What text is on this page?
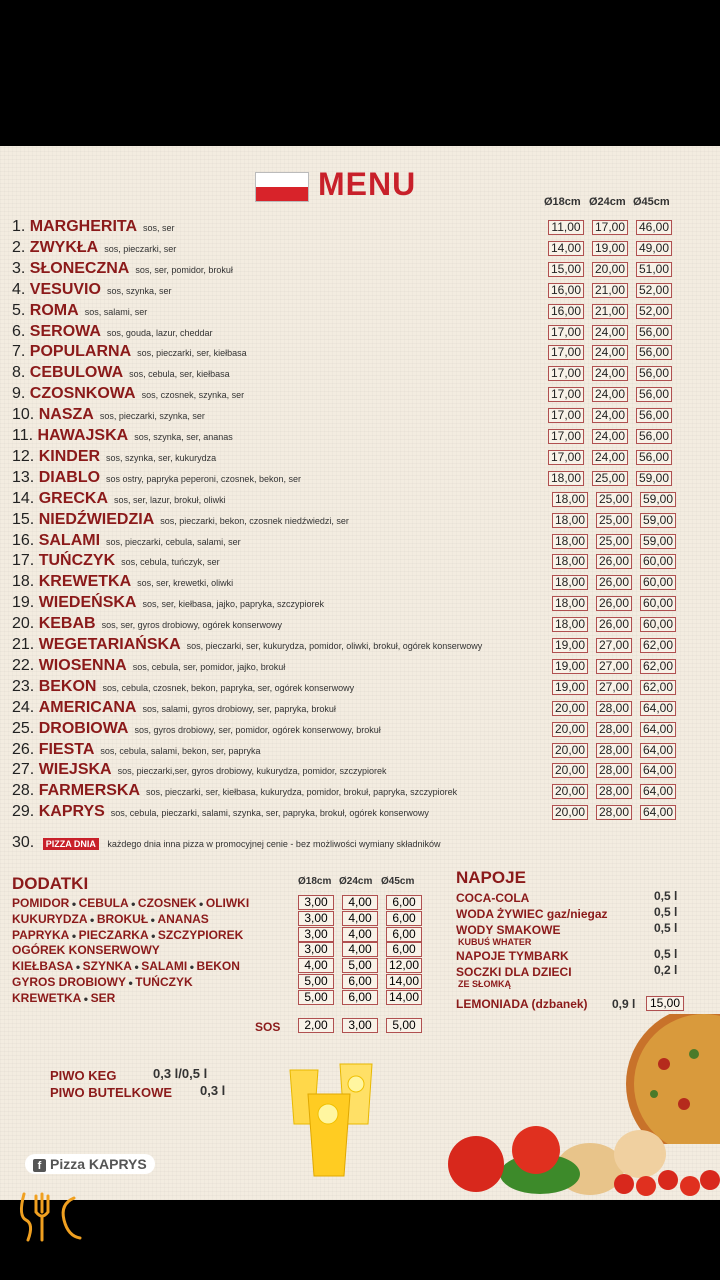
MENU	Ø18cm Ø24cm Ø45cm
1. MARGHERITA sos, ser	11,00 17,00 46,00
2. ZWYKŁA sos, pieczarki, ser	14,00 19,00 49,00
3. SŁONECZNA sos, ser, pomidor, brokuł	15,00 20,00 51,00
4. VESUVIO sos, szynka, ser	16,00 21,00 52,00
5. ROMA sos, salami, ser	16,00 21,00 52,00
6. SEROWA sos, gouda, lazur, cheddar	17,00 24,00 56,00
7. POPULARNA sos, pieczarki, ser, kiełbasa	17,00 24,00 56,00
8. CEBULOWA sos, cebula, ser, kiełbasa	17,00 24,00 56,00
9. CZOSNKOWA sos, czosnek, szynka, ser	17,00 24,00 56,00
10. NASZA sos, pieczarki, szynka, ser	17,00 24,00 56,00
11. HAWAJSKA sos, szynka, ser, ananas	17,00 24,00 56,00
12. KINDER sos, szynka, ser, kukurydza	17,00 24,00 56,00
13. DIABLO sos ostry, papryka peperoni, czosnek, bekon, ser	18,00 25,00 59,00
14. GRECKA sos, ser, lazur, brokuł, oliwki	18,00 25,00 59,00
15. NIEDŹWIEDZIA sos, pieczarki, bekon, czosnek niedźwiedzi, ser	18,00 25,00 59,00
16. SALAMI sos, pieczarki, cebula, salami, ser	18,00 25,00 59,00
17. TUŃCZYK sos, cebula, tuńczyk, ser	18,00 26,00 60,00
18. KREWETKA sos, ser, krewetki, oliwki	18,00 26,00 60,00
19. WIEDEŃSKA sos, ser, kiełbasa, jajko, papryka, szczypiorek	18,00 26,00 60,00
20. KEBAB sos, ser, gyros drobiowy, ogórek konserwowy	18,00 26,00 60,00
21. WEGETARIAŃSKA sos, pieczarki, ser, kukurydza, pomidor, oliwki, brokuł, ogórek konserwowy	19,00 27,00 62,00
22. WIOSENNA sos, cebula, ser, pomidor, jajko, brokuł	19,00 27,00 62,00
23. BEKON sos, cebula, czosnek, bekon, papryka, ser, ogórek konserwowy	19,00 27,00 62,00
24. AMERICANA sos, salami, gyros drobiowy, ser, papryka, brokuł	20,00 28,00 64,00
25. DROBIOWA sos, gyros drobiowy, ser, pomidor, ogórek konserwowy, brokuł	20,00 28,00 64,00
26. FIESTA sos, cebula, salami, bekon, ser, papryka	20,00 28,00 64,00
27. WIEJSKA sos, pieczarki,ser, gyros drobiowy, kukurydza, pomidor, szczypiorek	20,00 28,00 64,00
28. FARMERSKA sos, pieczarki, ser, kiełbasa, kukurydza, pomidor, brokuł, papryka, szczypiorek	20,00 28,00 64,00
29. KAPRYS sos, cebula, pieczarki, salami, szynka, ser, papryka, brokuł, ogórek konserwowy	20,00 28,00 64,00
30. PIZZA DNIA każdego dnia inna pizza w promocyjnej cenie - bez możliwości wymiany składników
DODATKI	Ø18cm Ø24cm Ø45cm
POMIDOR ● CEBULA ● CZOSNEK ● OLIWKI	3,00	4,00	6,00
KUKURYDZA ● BROKUŁ ● ANANAS	3,00	4,00	6,00
PAPRYKA ● PIECZARKA ● SZCZYPIOREK	3,00	4,00	6,00
OGÓREK KONSERWOWY	3,00	4,00	6,00
KIEŁBASA ● SZYNKA ● SALAMI ● BEKON	4,00	5,00	12,00
GYROS DROBIOWY ● TUŃCZYK	5,00	6,00	14,00
KREWETKA ● SER	5,00	6,00	14,00
SOS	2,00	3,00	5,00
NAPOJE
COCA-COLA	0,5 l
WODA ŻYWIEC gaz/niegaz	0,5 l
WODY SMAKOWE	0,5 l
KUBUŚ WHATER
NAPOJE TYMBARK	0,5 l
SOCZKI DLA DZIECI	0,2 l
ZE SŁOMKĄ
LEMONIADA (dzbanek) 0,9 l	15,00
PIWO KEG	0,3 l/0,5 l
PIWO BUTELKOWE 0,3 l
f Pizza KAPRYS
